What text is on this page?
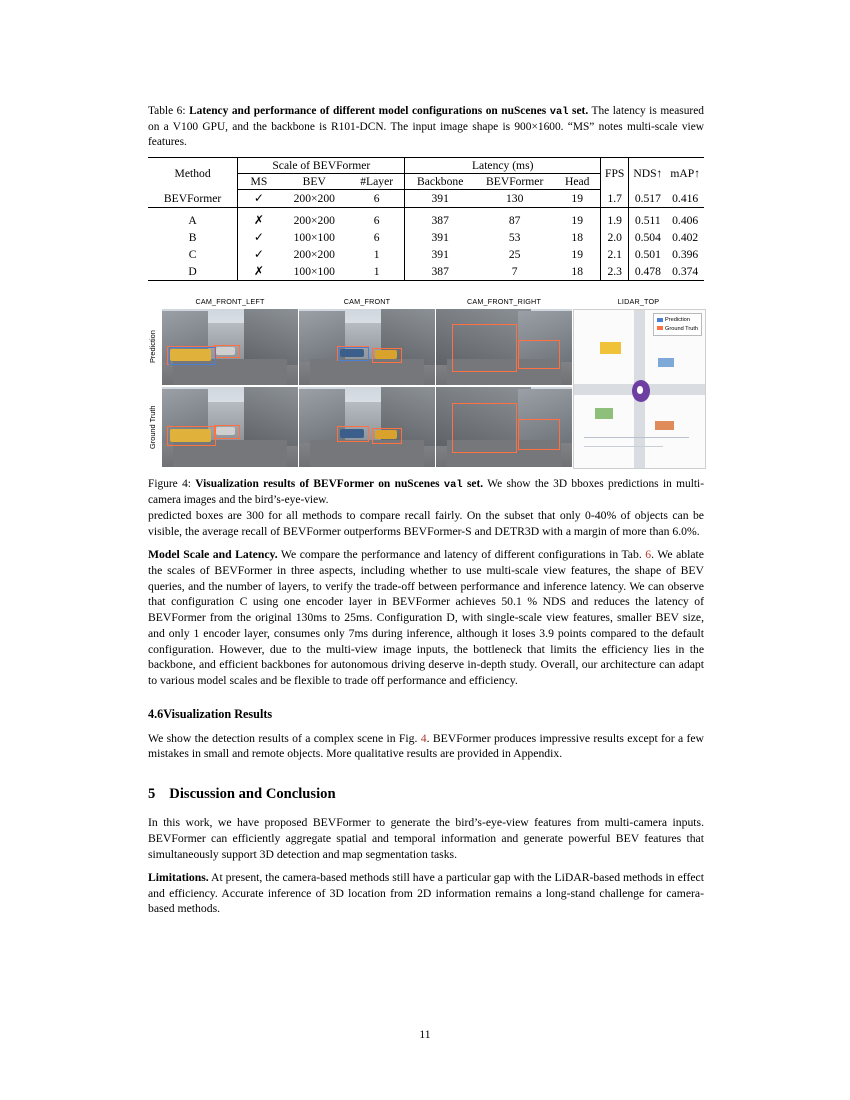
Table 6: Latency and performance of different model configurations on nuScenes val set. The latency is measured on a V100 GPU, and the backbone is R101-DCN. The input image shape is 900×1600. “MS” notes multi-scale view features.

Method	Scale of BEVFormer			Latency (ms)			FPS	NDS↑	mAP↑
	MS	BEV	#Layer	Backbone	BEVFormer	Head			
BEVFormer	✓	200×200	6	391	130	19	1.7	0.517	0.416
A	✗	200×200	6	387	87	19	1.9	0.511	0.406
B	✓	100×100	6	391	53	18	2.0	0.504	0.402
C	✓	200×200	1	391	25	19	2.1	0.501	0.396
D	✗	100×100	1	387	7	18	2.3	0.478	0.374
CAM_FRONT_LEFT	CAM_FRONT	CAM_FRONT_RIGHT	LIDAR_TOP
Prediction
Ground Truth
Prediction
Ground Truth

Figure 4: Visualization results of BEVFormer on nuScenes val set. We show the 3D bboxes predictions in multi-camera images and the bird’s-eye-view.

predicted boxes are 300 for all methods to compare recall fairly. On the subset that only 0-40% of objects can be visible, the average recall of BEVFormer outperforms BEVFormer-S and DETR3D with a margin of more than 6.0%.

Model Scale and Latency. We compare the performance and latency of different configurations in Tab. 6. We ablate the scales of BEVFormer in three aspects, including whether to use multi-scale view features, the shape of BEV queries, and the number of layers, to verify the trade-off between performance and inference latency. We can observe that configuration C using one encoder layer in BEVFormer achieves 50.1 % NDS and reduces the latency of BEVFormer from the original 130ms to 25ms. Configuration D, with single-scale view features, smaller BEV size, and only 1 encoder layer, consumes only 7ms during inference, although it loses 3.9 points compared to the default configuration. However, due to the multi-view image inputs, the bottleneck that limits the efficiency lies in the backbone, and efficient backbones for autonomous driving deserve in-depth study. Overall, our architecture can adapt to various model scales and be flexible to trade off performance and efficiency.

4.6Visualization Results

We show the detection results of a complex scene in Fig. 4. BEVFormer produces impressive results except for a few mistakes in small and remote objects. More qualitative results are provided in Appendix.

5 Discussion and Conclusion

In this work, we have proposed BEVFormer to generate the bird’s-eye-view features from multi-camera inputs. BEVFormer can efficiently aggregate spatial and temporal information and generate powerful BEV features that simultaneously support 3D detection and map segmentation tasks.

Limitations. At present, the camera-based methods still have a particular gap with the LiDAR-based methods in effect and efficiency. Accurate inference of 3D location from 2D information remains a long-stand challenge for camera-based methods.

11
